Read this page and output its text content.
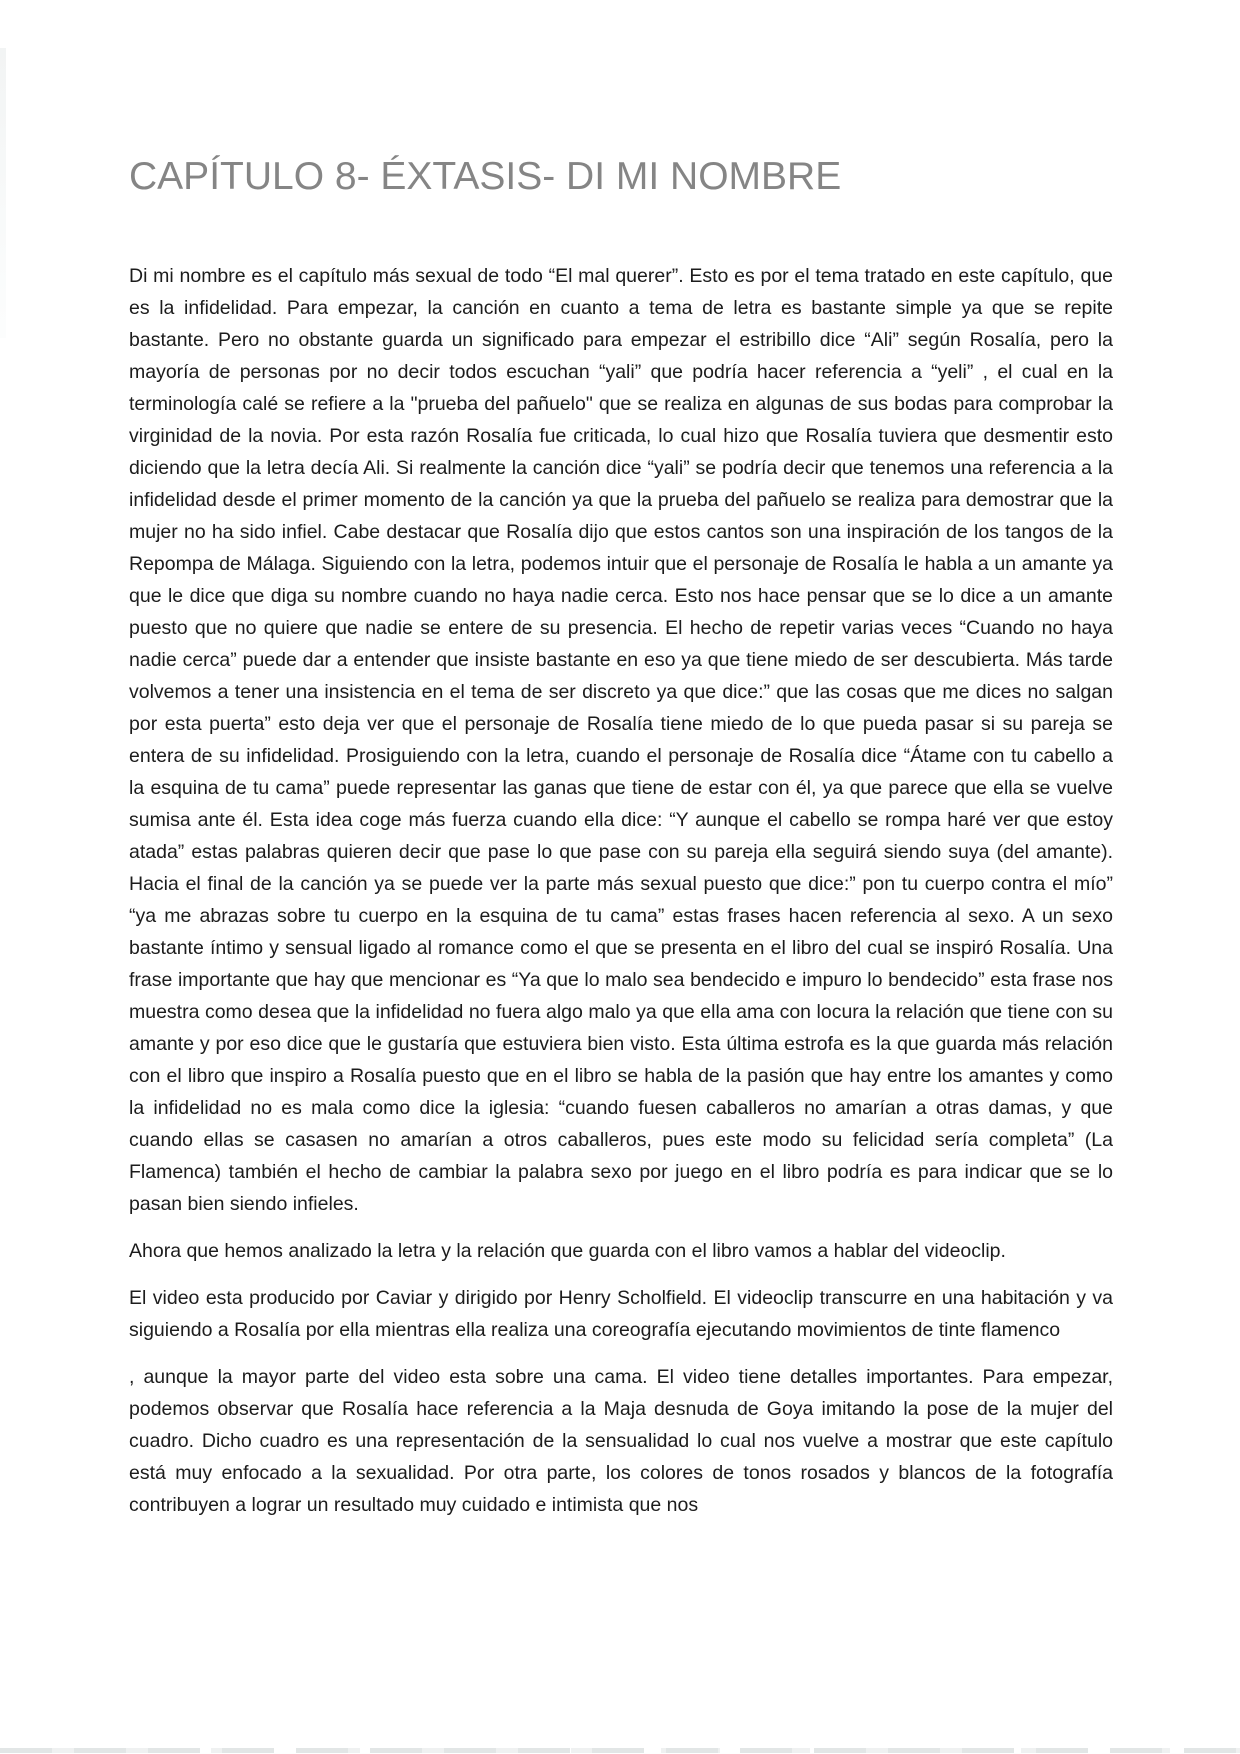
CAPÍTULO 8- ÉXTASIS- DI MI NOMBRE

Di mi nombre es el capítulo más sexual de todo “El mal querer”. Esto es por el tema tratado en este capítulo, que es la infidelidad. Para empezar, la canción en cuanto a tema de letra es bastante simple ya que se repite bastante. Pero no obstante guarda un significado para empezar el estribillo dice “Ali” según Rosalía, pero la mayoría de personas por no decir todos escuchan “yali” que podría hacer referencia a “yeli” , el cual en la terminología calé se refiere a la "prueba del pañuelo" que se realiza en algunas de sus bodas para comprobar la virginidad de la novia. Por esta razón Rosalía fue criticada, lo cual hizo que Rosalía tuviera que desmentir esto diciendo que la letra decía Ali. Si realmente la canción dice “yali” se podría decir que tenemos una referencia a la infidelidad desde el primer momento de la canción ya que la prueba del pañuelo se realiza para demostrar que la mujer no ha sido infiel. Cabe destacar que Rosalía dijo que estos cantos son una inspiración de los tangos de la Repompa de Málaga. Siguiendo con la letra, podemos intuir que el personaje de Rosalía le habla a un amante ya que le dice que diga su nombre cuando no haya nadie cerca. Esto nos hace pensar que se lo dice a un amante puesto que no quiere que nadie se entere de su presencia. El hecho de repetir varias veces “Cuando no haya nadie cerca” puede dar a entender que insiste bastante en eso ya que tiene miedo de ser descubierta. Más tarde volvemos a tener una insistencia en el tema de ser discreto ya que dice:” que las cosas que me dices no salgan por esta puerta” esto deja ver que el personaje de Rosalía tiene miedo de lo que pueda pasar si su pareja se entera de su infidelidad. Prosiguiendo con la letra, cuando el personaje de Rosalía dice “Átame con tu cabello a la esquina de tu cama” puede representar las ganas que tiene de estar con él, ya que parece que ella se vuelve sumisa ante él. Esta idea coge más fuerza cuando ella dice: “Y aunque el cabello se rompa haré ver que estoy atada” estas palabras quieren decir que pase lo que pase con su pareja ella seguirá siendo suya (del amante). Hacia el final de la canción ya se puede ver la parte más sexual puesto que dice:” pon tu cuerpo contra el mío” “ya me abrazas sobre tu cuerpo en la esquina de tu cama” estas frases hacen referencia al sexo. A un sexo bastante íntimo y sensual ligado al romance como el que se presenta en el libro del cual se inspiró Rosalía. Una frase importante que hay que mencionar es “Ya que lo malo sea bendecido e impuro lo bendecido” esta frase nos muestra como desea que la infidelidad no fuera algo malo ya que ella ama con locura la relación que tiene con su amante y por eso dice que le gustaría que estuviera bien visto. Esta última estrofa es la que guarda más relación con el libro que inspiro a Rosalía puesto que en el libro se habla de la pasión que hay entre los amantes y como la infidelidad no es mala como dice la iglesia: “cuando fuesen caballeros no amarían a otras damas, y que cuando ellas se casasen no amarían a otros caballeros, pues este modo su felicidad sería completa” (La Flamenca) también el hecho de cambiar la palabra sexo por juego en el libro podría es para indicar que se lo pasan bien siendo infieles.

Ahora que hemos analizado la letra y la relación que guarda con el libro vamos a hablar del videoclip.

El video esta producido por Caviar y dirigido por Henry Scholfield. El videoclip transcurre en una habitación y va siguiendo a Rosalía por ella mientras ella realiza una coreografía ejecutando movimientos de tinte flamenco

, aunque la mayor parte del video esta sobre una cama. El video tiene detalles importantes. Para empezar, podemos observar que Rosalía hace referencia a la Maja desnuda de Goya imitando la pose de la mujer del cuadro. Dicho cuadro es una representación de la sensualidad lo cual nos vuelve a mostrar que este capítulo está muy enfocado a la sexualidad. Por otra parte, los colores de tonos rosados y blancos de la fotografía contribuyen a lograr un resultado muy cuidado e intimista que nos
